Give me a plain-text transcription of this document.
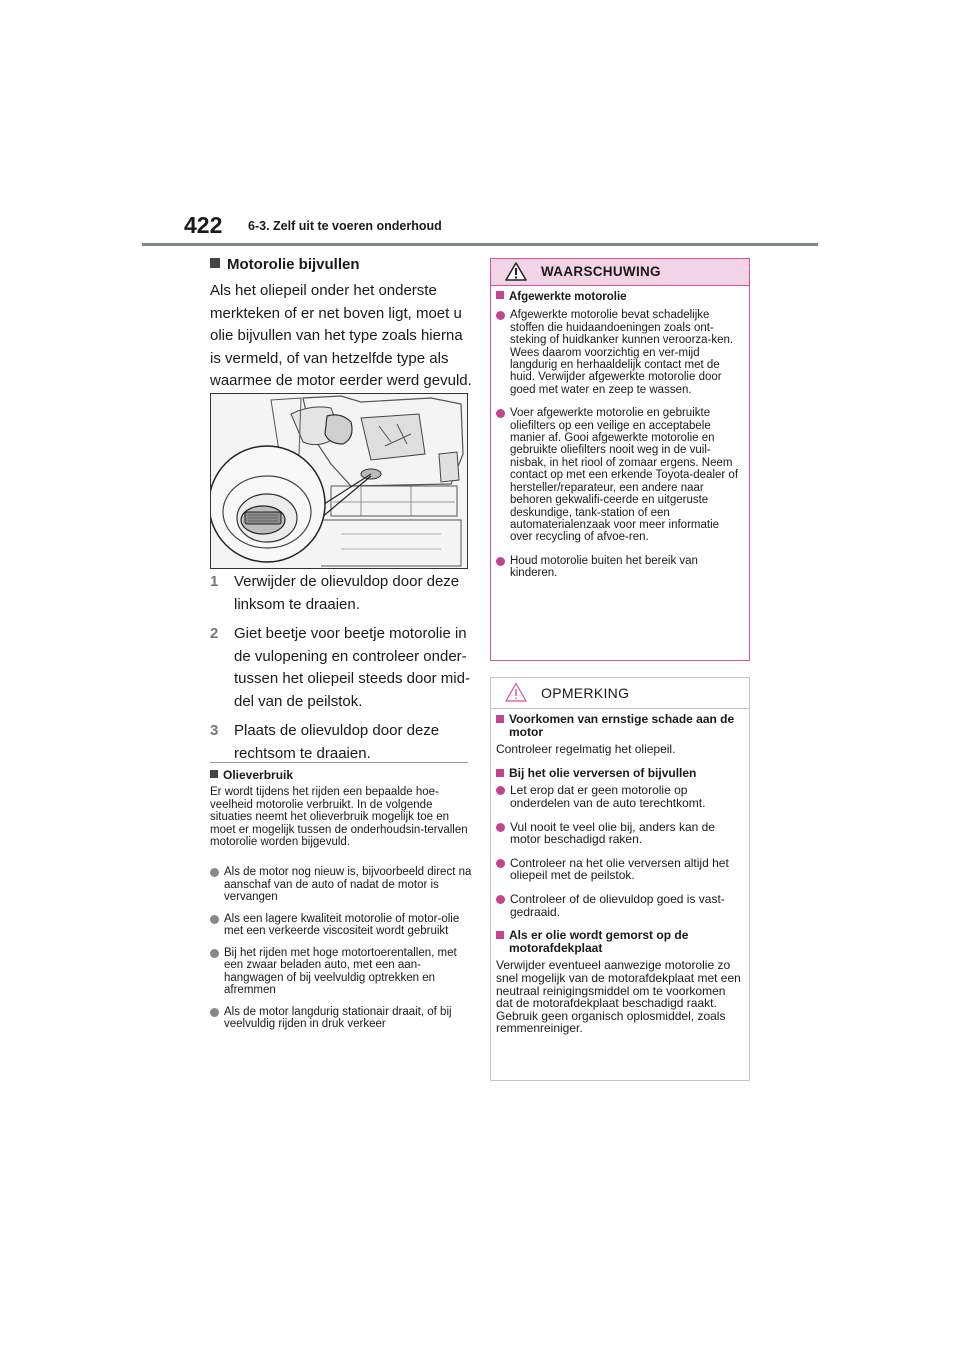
422 6-3. Zelf uit te voeren onderhoud
Motorolie bijvullen
Als het oliepeil onder het onderste merkteken of er net boven ligt, moet u olie bijvullen van het type zoals hierna is vermeld, of van hetzelfde type als waarmee de motor eerder werd gevuld.
1	Verwijder de olievuldop door deze linksom te draaien.
2	Giet beetje voor beetje motorolie in de vulopening en controleer onder-tussen het oliepeil steeds door mid-del van de peilstok.
3	Plaats de olievuldop door deze rechtsom te draaien.
Olieverbruik
Er wordt tijdens het rijden een bepaalde hoe-veelheid motorolie verbruikt. In de volgende situaties neemt het olieverbruik mogelijk toe en moet er mogelijk tussen de onderhoudsin-tervallen motorolie worden bijgevuld.
Als de motor nog nieuw is, bijvoorbeeld direct na aanschaf van de auto of nadat de motor is vervangen
Als een lagere kwaliteit motorolie of motor-olie met een verkeerde viscositeit wordt gebruikt
Bij het rijden met hoge motortoerentallen, met een zwaar beladen auto, met een aan-hangwagen of bij veelvuldig optrekken en afremmen
Als de motor langdurig stationair draait, of bij veelvuldig rijden in druk verkeer
WAARSCHUWING
Afgewerkte motorolie
Afgewerkte motorolie bevat schadelijke stoffen die huidaandoeningen zoals ont-steking of huidkanker kunnen veroorza-ken. Wees daarom voorzichtig en ver-mijd langdurig en herhaaldelijk contact met de huid. Verwijder afgewerkte motorolie door goed met water en zeep te wassen.
Voer afgewerkte motorolie en gebruikte oliefilters op een veilige en acceptabele manier af. Gooi afgewerkte motorolie en gebruikte oliefilters nooit weg in de vuil-nisbak, in het riool of zomaar ergens. Neem contact op met een erkende Toyota-dealer of hersteller/reparateur, een andere naar behoren gekwalifi-ceerde en uitgeruste deskundige, tank-station of een automaterialenzaak voor meer informatie over recycling of afvoe-ren.
Houd motorolie buiten het bereik van kinderen.
OPMERKING
Voorkomen van ernstige schade aan de motor
Controleer regelmatig het oliepeil.
Bij het olie verversen of bijvullen
Let erop dat er geen motorolie op onderdelen van de auto terechtkomt.
Vul nooit te veel olie bij, anders kan de motor beschadigd raken.
Controleer na het olie verversen altijd het oliepeil met de peilstok.
Controleer of de olievuldop goed is vast-gedraaid.
Als er olie wordt gemorst op de motorafdekplaat
Verwijder eventueel aanwezige motorolie zo snel mogelijk van de motorafdekplaat met een neutraal reinigingsmiddel om te voorkomen dat de motorafdekplaat beschadigd raakt. Gebruik geen organisch oplosmiddel, zoals remmenreiniger.
